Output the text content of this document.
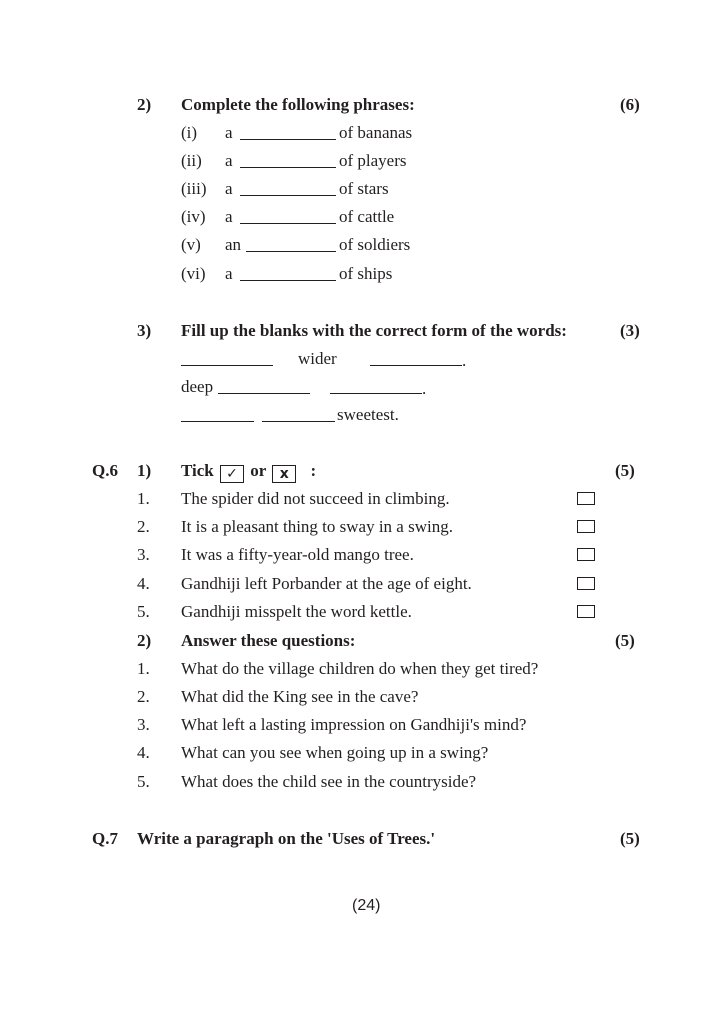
2) Complete the following phrases:	(6)
(i) a	of bananas
(ii) a	of players
(iii) a	of stars
(iv) a	of cattle
(v) an	of soldiers
(vi) a	of ships
3) Fill up the blanks with the correct form of the words:	(3)
wider	.
deep	.
sweetest.
Q.6 1) Tick ✓ or x :	(5)
1. The spider did not succeed in climbing.
2. It is a pleasant thing to sway in a swing.
3. It was a fifty-year-old mango tree.
4. Gandhiji left Porbander at the age of eight.
5. Gandhiji misspelt the word kettle.
2) Answer these questions:	(5)
1. What do the village children do when they get tired?
2. What did the King see in the cave?
3. What left a lasting impression on Gandhiji's mind?
4. What can you see when going up in a swing?
5. What does the child see in the countryside?
Q.7 Write a paragraph on the 'Uses of Trees.'	(5)
(24)
